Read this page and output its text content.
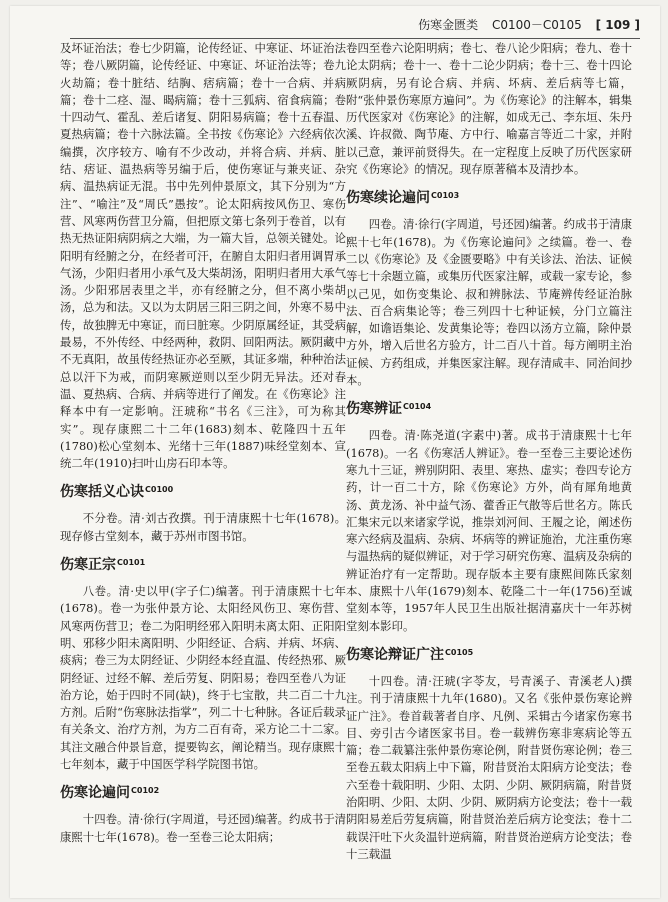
伤寒金匮类 C0100－C0105 [ 109 ]

及坏证治法；卷七少阴篇，论传经证、中寒证、坏证治法等；卷八厥阴篇，论传经证、中寒证、坏证治法等；卷九火劫篇；卷十脏结、结胸、痞病篇；卷十一合病、并病篇；卷十二痉、湿、暍病篇；卷十三狐病、宿食病篇；卷十四动气、霍乱、差后诸复、阴阳易病篇；卷十五春温、夏热病篇；卷十六脉法篇。全书按《伤寒论》六经病依次编撰，次序较方、喻有不少改动，并将合病、并病、脏结、痞证、温热病等另编于后，使伤寒证与兼夹证、杂病、温热病证无混。书中先列仲景原文，其下分别为“方注”、“喻注”及“周氏”愚按”。论太阳病按风伤卫、寒伤营、风寒两伤营卫分篇，但把原文第七条列于卷首，以有热无热证阳病阴病之大端，为一篇大旨，总领关键处。论阳明有经腑之分，在经者可汗，在腑自太阳归者用调胃承气汤，少阳归者用小承气及大柴胡汤，阳明归者用大承气汤。少阳邪居表里之半，亦有经腑之分，但不离小柴胡汤，总为和法。又以为太阴居三阳三阴之间，外寒不易中传，故独脾无中寒证，而曰脏寒。少阴原属经证，其受病最易，不外传经、中经两种，救阴、回阳两法。厥阴藏中不无真阳，故虽传经热证亦必至厥，其证多端，种种治法总以汗下为戒，而阴寒厥逆则以至少阴无异法。还对春温、夏热病、合病、并病等进行了阐发。在《伤寒论》注释本中有一定影响。汪琥称“书名《三注》，可为称其实”。现存康熙二十二年(1683)刻本、乾隆四十五年(1780)松心堂刻本、光绪十三年(1887)味经堂刻本、宣统二年(1910)扫叶山房石印本等。

伤寒括义心诀$^{C0100}$

不分卷。清·刘古孜撰。刊于清康熙十七年(1678)。现存修古堂刻本，藏于苏州市图书馆。

伤寒正宗$^{C0101}$

八卷。清·史以甲(字子仁)编著。刊于清康熙十七年(1678)。卷一为张仲景方论、太阳经风伤卫、寒伤营、风寒两伤营卫；卷二为阳明经邪入阳明未离太阳、正阳阳明、邪移少阳未离阳明、少阳经证、合病、并病、坏病、痰病；卷三为太阴经证、少阴经本经直温、传经热邪、厥阴经证、过经不解、差后劳复、阴阳易；卷四至卷八为证治方论，始于四时不同(缺)，终于七宝散，共二百二十九方剂。后附“伤寒脉法指掌”，列二十七种脉。各证后载录有关条文、治疗方剂，为方二百有奇，采方论二十二家。其注文融合仲景旨意，提要钩玄，阐论精当。现存康熙十七年刻本，藏于中国医学科学院图书馆。

伤寒论遍问$^{C0102}$

十四卷。清·徐行(字周道，号还园)编著。约成书于清康熙十七年(1678)。卷一至卷三论太阳病；

卷四至卷六论阳明病；卷七、卷八论少阳病；卷九、卷十论太阴病；卷十一、卷十二论少阴病；卷十三、卷十四论厥阴病，另有论合病、并病、坏病、差后病等七篇，附“张仲景伤寒原方遍问”。为《伤寒论》的注解本，辑集历代医家对《伤寒论》的注解，如成无己、李东垣、朱丹溪、许叔微、陶节庵、方中行、喻嘉言等近二十家，并附以己意，兼评前贤得失。在一定程度上反映了历代医家研究《伤寒论》的情况。现存原著稿本及清抄本。

伤寒续论遍问$^{C0103}$

四卷。清·徐行(字周道，号还园)编著。约成书于清康熙十七年(1678)。为《伤寒论遍问》之续篇。卷一、卷二以《伤寒论》及《金匮要略》中有关诊法、治法、证候等七十余题立篇，或集历代医家注解，或载一家专论，参以己见，如伤变集论、叔和辨脉法、节庵辨传经证治脉法、百合病集论等；卷三列四十七种证候，分门立篇注解，如谵语集论、发黄集论等；卷四以汤方立篇，除仲景方外，增入后世名方验方，计二百八十首。每方阐明主治证候、方药组成，并集医家注解。现存清咸丰、同治间抄本。

伤寒辨证$^{C0104}$

四卷。清·陈尧道(字素中)著。成书于清康熙十七年(1678)。一名《伤寒活人辨证》。卷一至卷三主要论述伤寒九十三证，辨别阴阳、表里、寒热、虚实；卷四专论方药，计一百二十方，除《伤寒论》方外，尚有犀角地黄汤、黄龙汤、补中益气汤、藿香正气散等后世名方。陈氏汇集宋元以来诸家学说，推崇刘河间、王履之论，阐述伤寒六经病及温病、杂病、坏病等的辨证施治，尤注重伤寒与温热病的疑似辨证，对于学习研究伤寒、温病及杂病的辨证治疗有一定帮助。现存版本主要有康熙间陈氏家刻本、康熙十八年(1679)刻本、乾隆二十一年(1756)至诚堂刻本等，1957年人民卫生出版社据清嘉庆十一年苏树堂刻本影印。

伤寒论辩证广注$^{C0105}$

十四卷。清·汪琥(字苓友，号青溪子、青溪老人)撰注。刊于清康熙十九年(1680)。又名《张仲景伤寒论辨证广注》。卷首载著者自序、凡例、采辑古今诸家伤寒书目、旁引古今诸医家书目。卷一载辨伤寒非寒病论等五篇；卷二载纂注张仲景伤寒论例，附昔贤伤寒论例；卷三至卷五载太阳病上中下篇，附昔贤治太阳病方论变法；卷六至卷十载阳明、少阳、太阴、少阴、厥阴病篇，附昔贤治阳明、少阳、太阴、少阴、厥阴病方论变法；卷十一载阴阳易差后劳复病篇，附昔贤治差后病方论变法；卷十二载误汗吐下火灸温针逆病篇，附昔贤治逆病方论变法；卷十三载温
